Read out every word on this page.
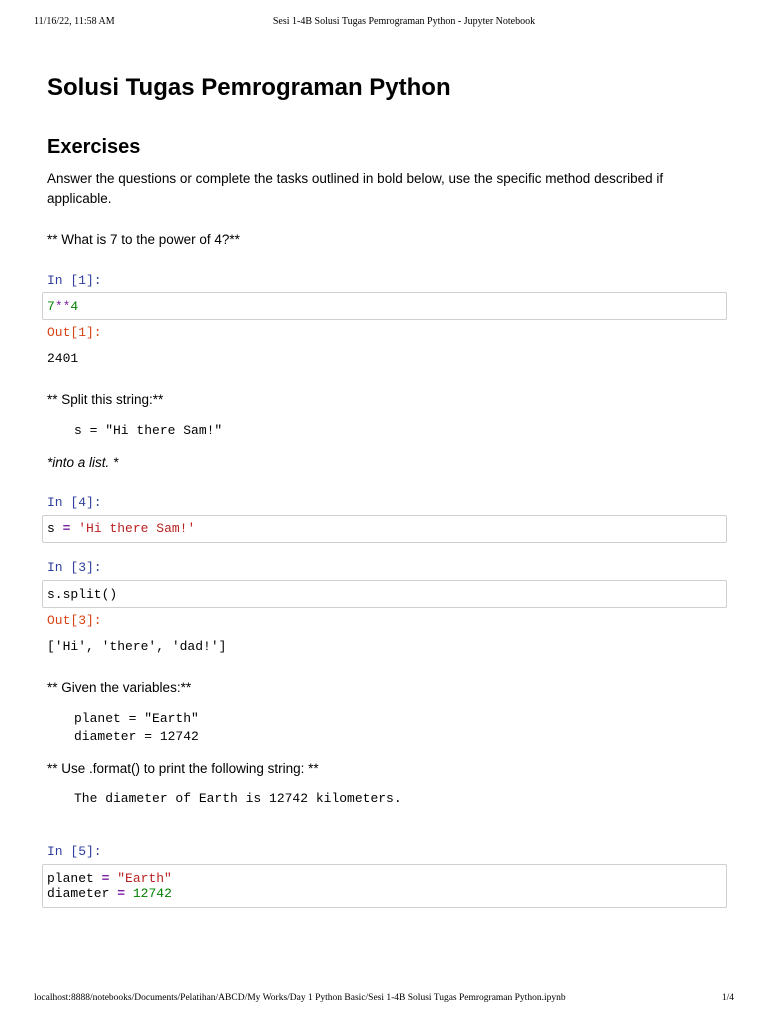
11/16/22, 11:58 AM	Sesi 1-4B Solusi Tugas Pemrograman Python - Jupyter Notebook
Solusi Tugas Pemrograman Python
Exercises

Answer the questions or complete the tasks outlined in bold below, use the specific method described if applicable.

** What is 7 to the power of 4?**

In [1]:
7**4
Out[1]:
2401

** Split this string:**

s = "Hi there Sam!"

*into a list. *

In [4]:
s = 'Hi there Sam!'
In [3]:
s.split()
Out[3]:
['Hi', 'there', 'dad!']

** Given the variables:**

planet = "Earth"
diameter = 12742

** Use .format() to print the following string: **

The diameter of Earth is 12742 kilometers.
In [5]:
planet = "Earth"
diameter = 12742
localhost:8888/notebooks/Documents/Pelatihan/ABCD/My Works/Day 1 Python Basic/Sesi 1-4B Solusi Tugas Pemrograman Python.ipynb	1/4
